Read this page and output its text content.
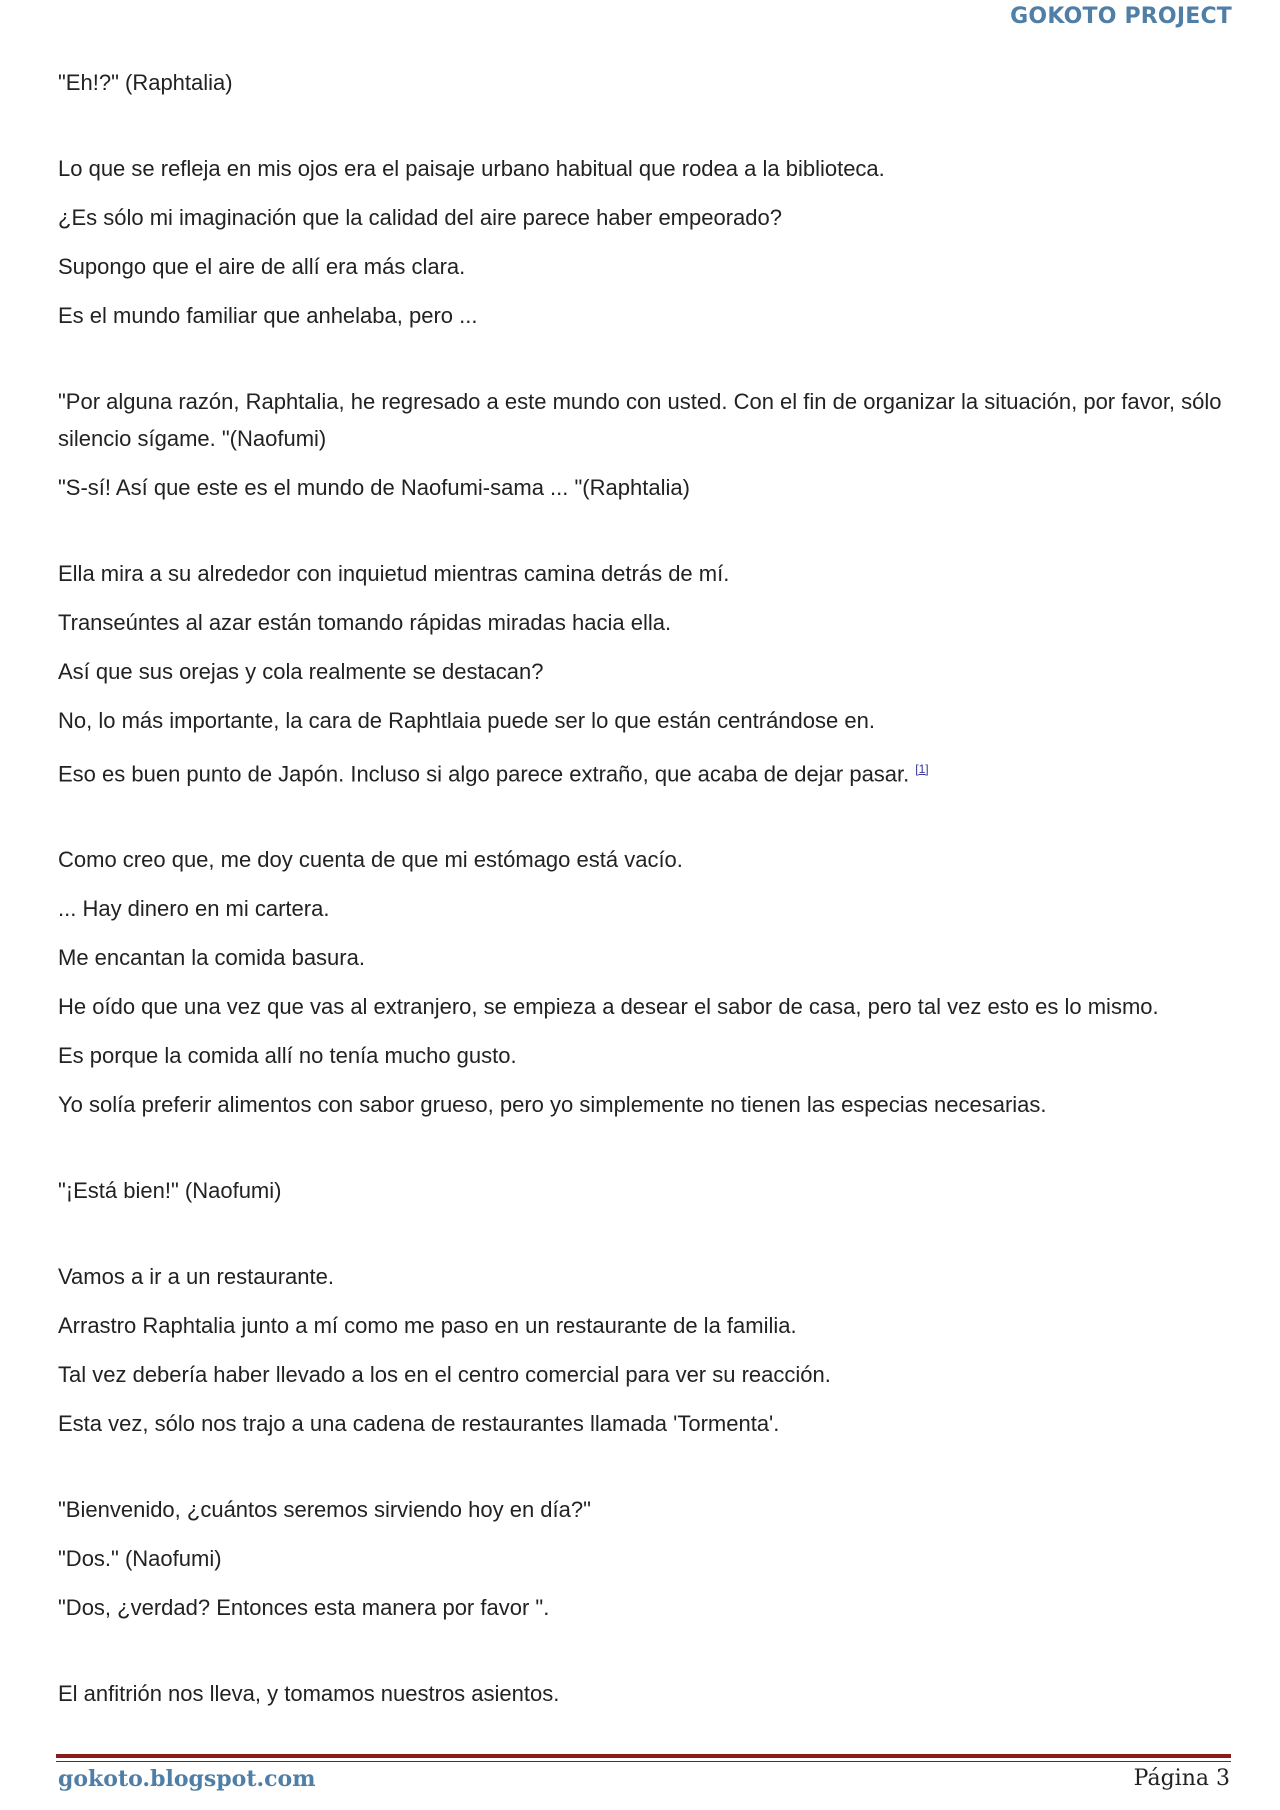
GOKOTO PROJECT

"Eh!?" (Raphtalia)

Lo que se refleja en mis ojos era el paisaje urbano habitual que rodea a la biblioteca.

¿Es sólo mi imaginación que la calidad del aire parece haber empeorado?

Supongo que el aire de allí era más clara.

Es el mundo familiar que anhelaba, pero ...

"Por alguna razón, Raphtalia, he regresado a este mundo con usted. Con el fin de organizar la situación, por favor, sólo silencio sígame. "(Naofumi)

"S-sí! Así que este es el mundo de Naofumi-sama ... "(Raphtalia)

Ella mira a su alrededor con inquietud mientras camina detrás de mí.

Transeúntes al azar están tomando rápidas miradas hacia ella.

Así que sus orejas y cola realmente se destacan?

No, lo más importante, la cara de Raphtlaia puede ser lo que están centrándose en.

Eso es buen punto de Japón. Incluso si algo parece extraño, que acaba de dejar pasar. [1]

Como creo que, me doy cuenta de que mi estómago está vacío.

... Hay dinero en mi cartera.

Me encantan la comida basura.

He oído que una vez que vas al extranjero, se empieza a desear el sabor de casa, pero tal vez esto es lo mismo.

Es porque la comida allí no tenía mucho gusto.

Yo solía preferir alimentos con sabor grueso, pero yo simplemente no tienen las especias necesarias.

"¡Está bien!" (Naofumi)

Vamos a ir a un restaurante.

Arrastro Raphtalia junto a mí como me paso en un restaurante de la familia.

Tal vez debería haber llevado a los en el centro comercial para ver su reacción.

Esta vez, sólo nos trajo a una cadena de restaurantes llamada 'Tormenta'.

"Bienvenido, ¿cuántos seremos sirviendo hoy en día?"

"Dos." (Naofumi)

"Dos, ¿verdad? Entonces esta manera por favor ".

El anfitrión nos lleva, y tomamos nuestros asientos.

gokoto.blogspot.com	Página 3
